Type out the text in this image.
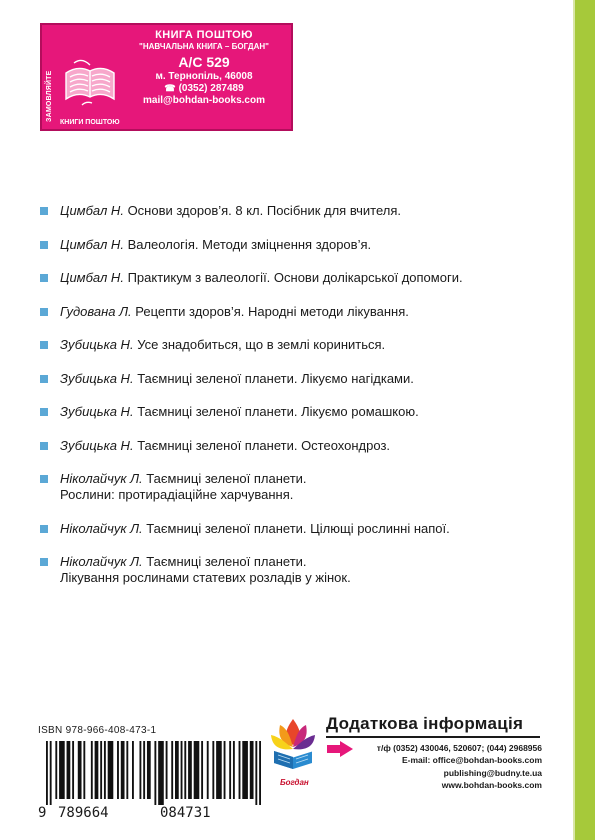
ЗАМОВЛЯЙТЕ
КНИГИ ПОШТОЮ
КНИГА ПОШТОЮ
"НАВЧАЛЬНА КНИГА – БОГДАН"
А/С 529
м. Тернопіль, 46008
☎ (0352) 287489
mail@bohdan-books.com
Цимбал Н. Основи здоров’я. 8 кл. Посібник для вчителя.
Цимбал Н. Валеологія. Методи зміцнення здоров’я.
Цимбал Н. Практикум з валеології. Основи долікарської допомоги.
Гудована Л. Рецепти здоров’я. Народні методи лікування.
Зубицька Н. Усе знадобиться, що в землі кориниться.
Зубицька Н. Таємниці зеленої планети. Лікуємо нагідками.
Зубицька Н. Таємниці зеленої планети. Лікуємо ромашкою.
Зубицька Н. Таємниці зеленої планети. Остеохондроз.
Ніколайчук Л. Таємниці зеленої планети.
Рослини: протирадіаційне харчування.
Ніколайчук Л. Таємниці зеленої планети. Цілющі рослинні напої.
Ніколайчук Л. Таємниці зеленої планети.
Лікування рослинами статевих розладів у жінок.
ISBN 978-966-408-473-1
9 789664	084731
Богдан
Додаткова інформація
т/ф (0352) 430046, 520607; (044) 2968956
E-mail: office@bohdan-books.com
publishing@budny.te.ua
www.bohdan-books.com
